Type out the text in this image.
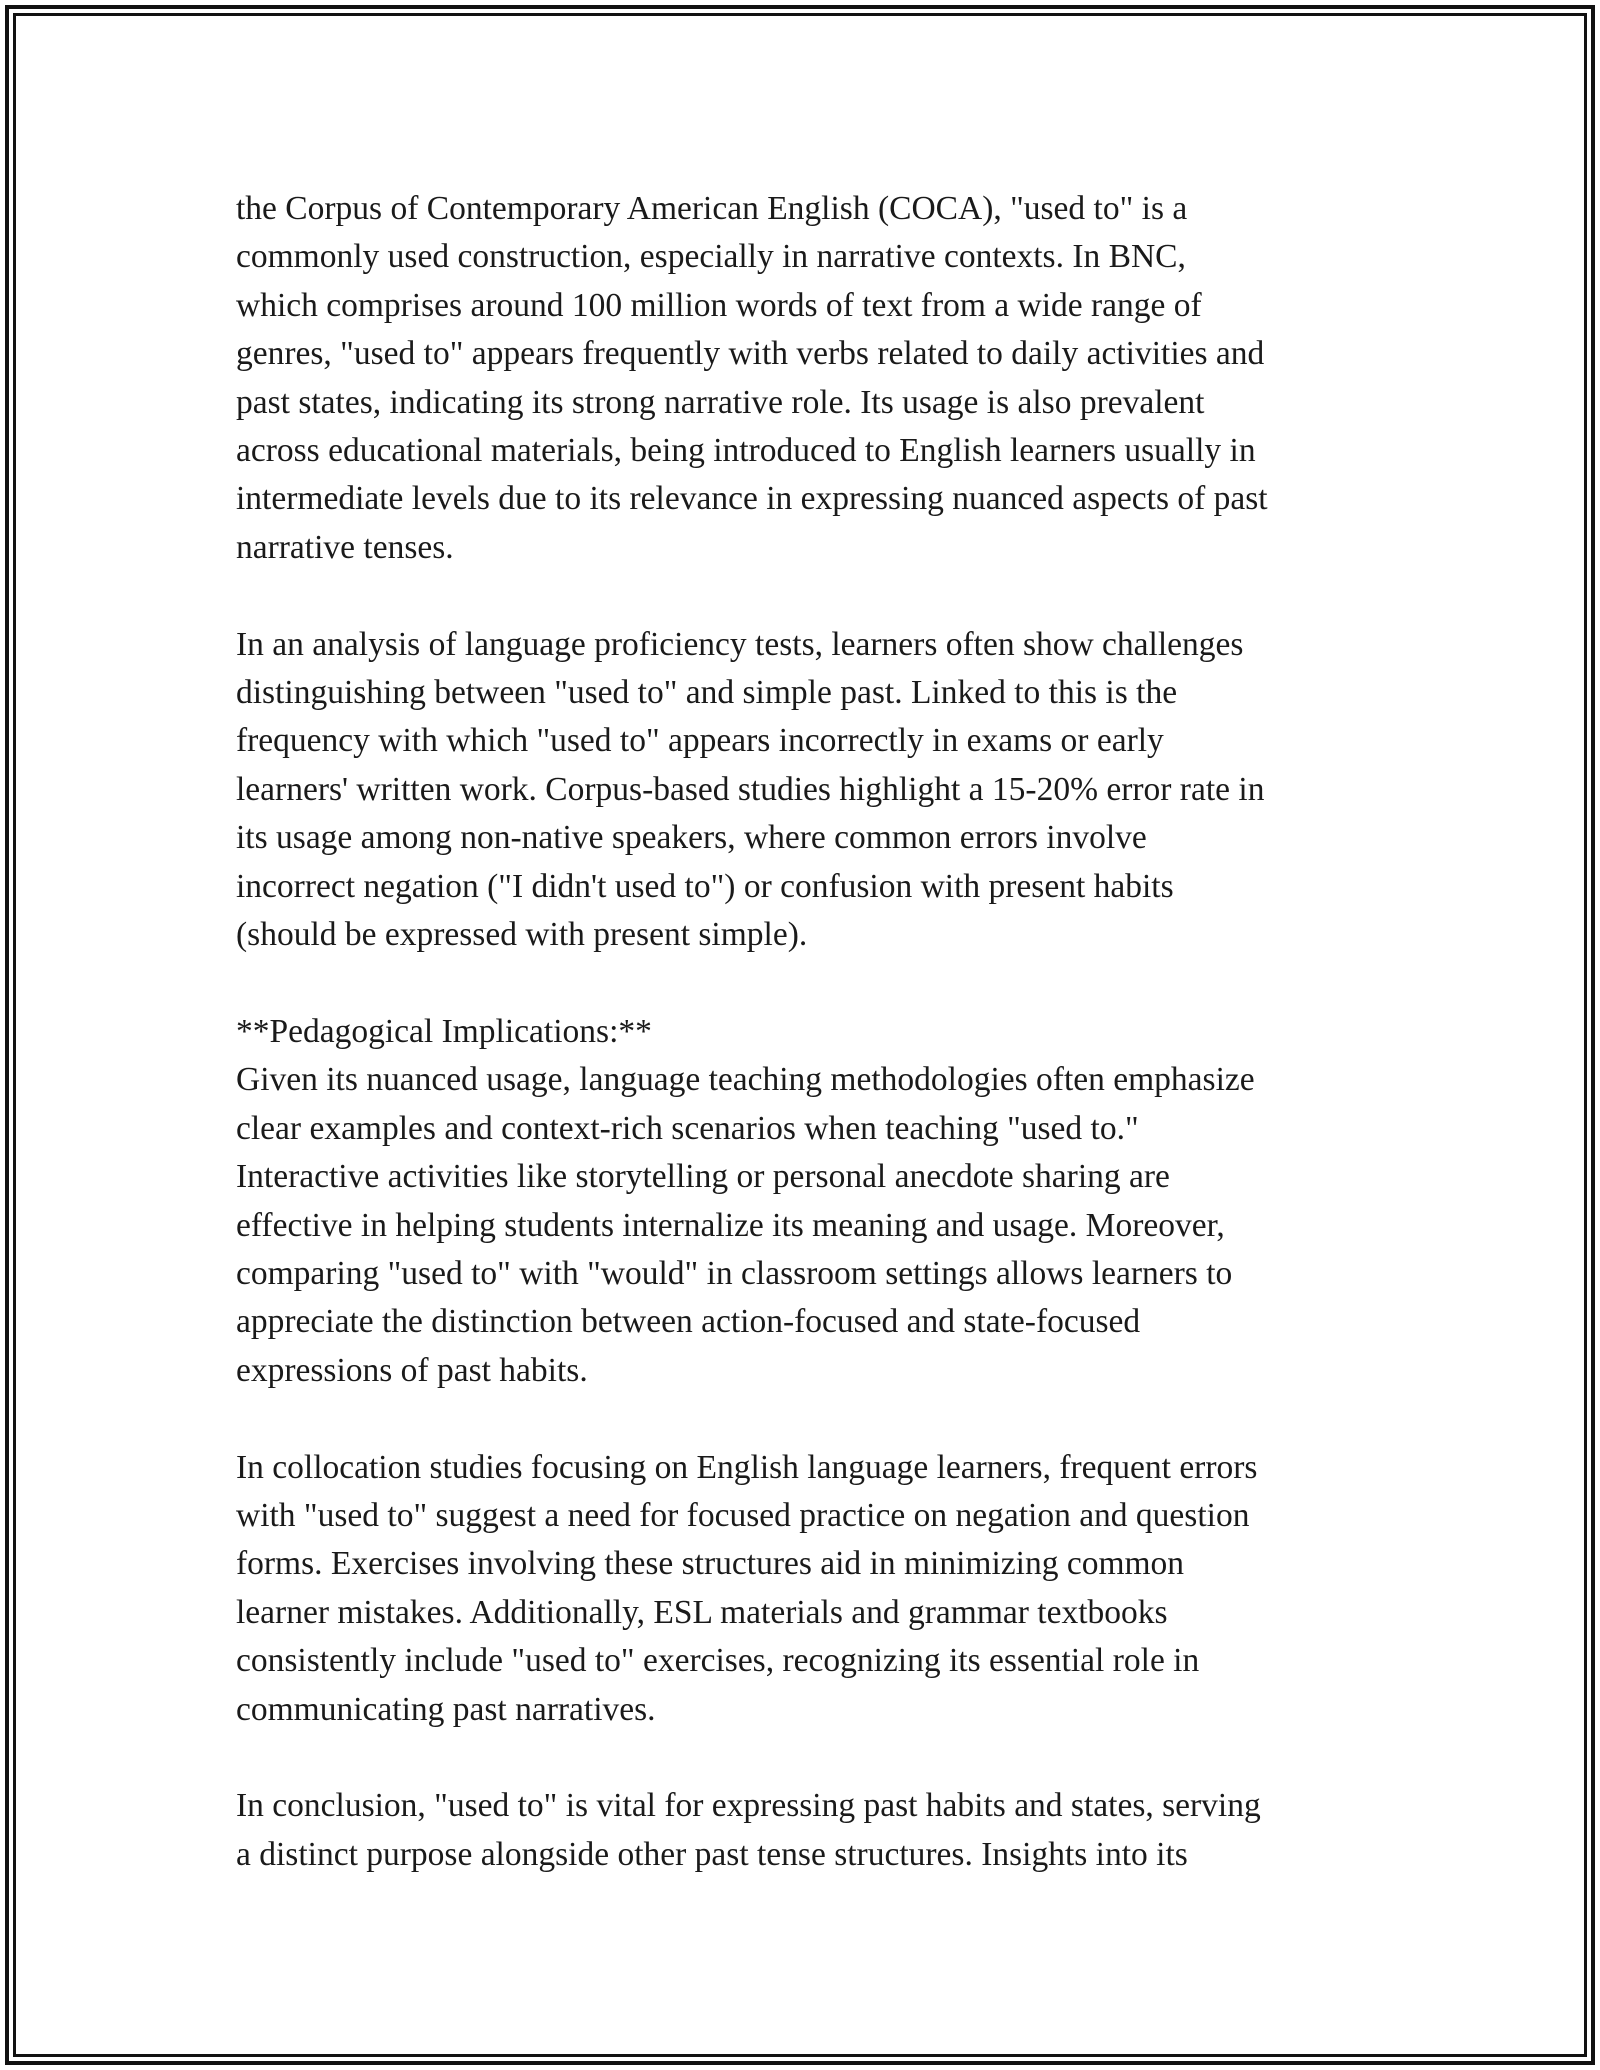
the Corpus of Contemporary American English (COCA), "used to" is a
commonly used construction, especially in narrative contexts. In BNC,
which comprises around 100 million words of text from a wide range of
genres, "used to" appears frequently with verbs related to daily activities and
past states, indicating its strong narrative role. Its usage is also prevalent
across educational materials, being introduced to English learners usually in
intermediate levels due to its relevance in expressing nuanced aspects of past
narrative tenses.
In an analysis of language proficiency tests, learners often show challenges
distinguishing between "used to" and simple past. Linked to this is the
frequency with which "used to" appears incorrectly in exams or early
learners' written work. Corpus-based studies highlight a 15-20% error rate in
its usage among non-native speakers, where common errors involve
incorrect negation ("I didn't used to") or confusion with present habits
(should be expressed with present simple).
**Pedagogical Implications:**
Given its nuanced usage, language teaching methodologies often emphasize
clear examples and context-rich scenarios when teaching "used to."
Interactive activities like storytelling or personal anecdote sharing are
effective in helping students internalize its meaning and usage. Moreover,
comparing "used to" with "would" in classroom settings allows learners to
appreciate the distinction between action-focused and state-focused
expressions of past habits.
In collocation studies focusing on English language learners, frequent errors
with "used to" suggest a need for focused practice on negation and question
forms. Exercises involving these structures aid in minimizing common
learner mistakes. Additionally, ESL materials and grammar textbooks
consistently include "used to" exercises, recognizing its essential role in
communicating past narratives.
In conclusion, "used to" is vital for expressing past habits and states, serving
a distinct purpose alongside other past tense structures. Insights into its
